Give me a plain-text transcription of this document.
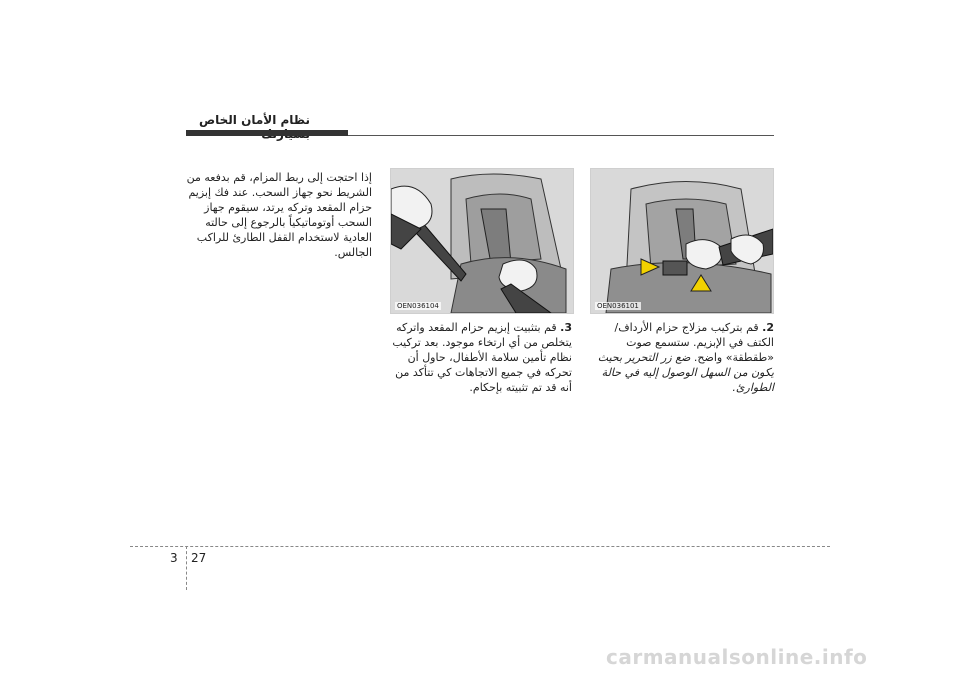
نظام الأمان الخاص
إذا احتجت إلى ربط المزام، قم بدفعه من الشريط نحو جهاز السحب. عند فك إبزيم حزام المقعد وتركه يرتد، سيقوم جهاز السحب أوتوماتيكياً بالرجوع إلى حالته العادية لاستخدام القفل الطارئ للراكب الجالس.
OEN036104	OEN036101
3. قم بتثبيت إبزيم حزام المقعد واتركه يتخلص من أي ارتخاء موجود. بعد تركيب نظام تأمين سلامة الأطفال، حاول أن تحركه في جميع الاتجاهات كي تتأكد من أنه قد تم تثبيته بإحكام.
2. قم بتركيب مزلاج حزام الأرداف/الكتف في الإبزيم. ستسمع صوت «طقطقة» واضح. ضع زر التحرير بحيث يكون من السهل الوصول إليه في حالة الطوارئ.
3 27
carmanualsonline.info
